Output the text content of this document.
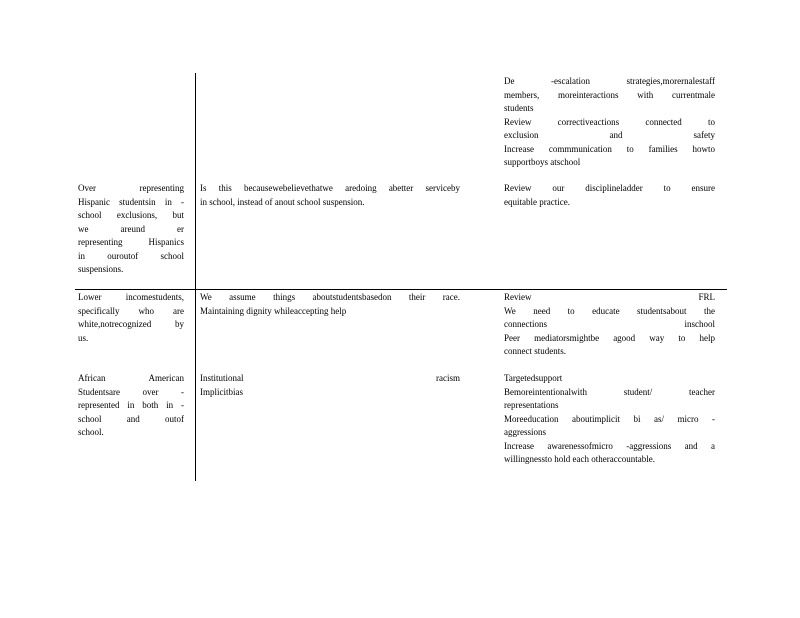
De -escalation strategies,morernalestaff

members, moreinteractions with currentmale

students

Review correctiveactions connected to

exclusion and safety

Increase commmunication to families howto

supportboys atschool

Over representing

Hispanic studentsin in -

school exclusions, but

we areund er

representing Hispanics

in ouroutof school

suspensions.

Is this becausewebelievethatwe aredoing abetter serviceby

in school, instead of anout school suspension.

Review our disciplineladder to ensure

equitable practice.

Lower incomestudents,

specifically who are

white,notrecognized by

us.

We assume things aboutstudentsbasedon their race.

Maintaining dignity whileaccepting help

Review FRL

We need to educate studentsabout the

connections inschool

Peer mediatorsmightbe agood way to help

connect students.

African American

Studentsare over -

represented in both in -

school and outof

school.

Institutional racism

Implicitbias

Targetedsupport

Bemoreintentionalwith student/ teacher

representations

Moreeducation aboutimplicit bi as/ micro -

aggressions

Increase awarenessofmicro -aggressions and a

willingnessto hold each otheraccountable.
